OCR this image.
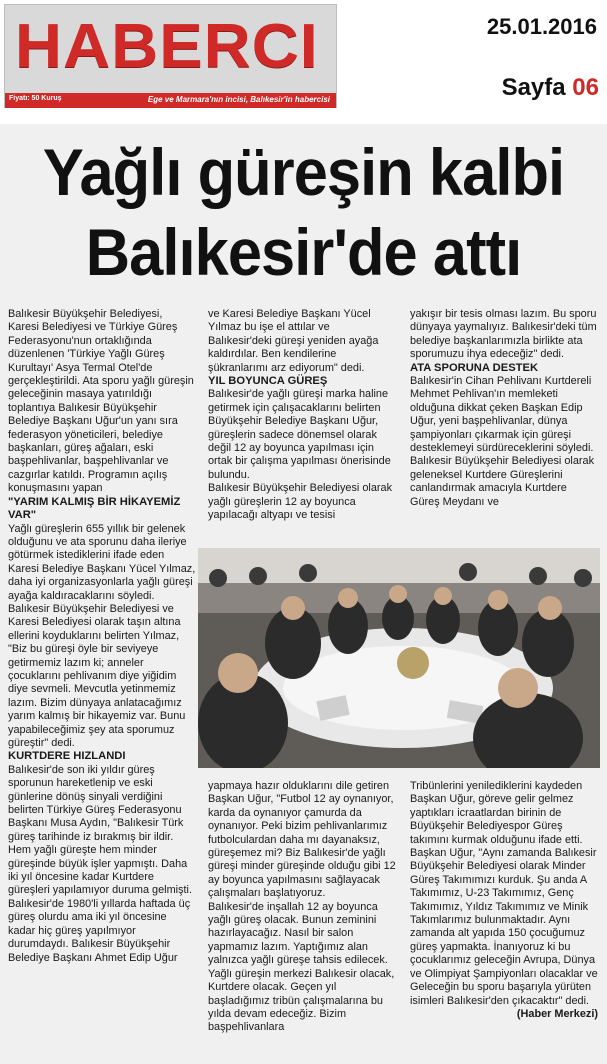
HABERCI
Fiyatı: 50 Kuruş	Ege ve Marmara'nın incisi, Balıkesir'in habercisi
25.01.2016
Sayfa 06
Yağlı güreşin kalbi
Balıkesir'de attı

Balıkesir Büyükşehir Belediyesi, Karesi Belediyesi ve Türkiye Güreş Federasyonu'nun ortaklığında düzenlenen 'Türkiye Yağlı Güreş Kurultayı' Asya Termal Otel'de gerçekleştirildi. Ata sporu yağlı güreşin geleceğinin masaya yatırıldığı toplantıya Balıkesir Büyükşehir Belediye Başkanı Uğur'un yanı sıra federasyon yöneticileri, belediye başkanları, güreş ağaları, eski başpehlivanlar, başpehlivanlar ve cazgırlar katıldı. Programın açılış konuşmasını yapan

"YARIM KALMIŞ BİR HİKAYEMİZ VAR"

Yağlı güreşlerin 655 yıllık bir gelenek olduğunu ve ata sporunu daha ileriye götürmek istediklerini ifade eden Karesi Belediye Başkanı Yücel Yılmaz, daha iyi organizasyonlarla yağlı güreşi ayağa kaldıracaklarını söyledi.

Balıkesir Büyükşehir Belediyesi ve Karesi Belediyesi olarak taşın altına ellerini koyduklarını belirten Yılmaz, "Biz bu güreşi öyle bir seviyeye getirmemiz lazım ki; anneler çocuklarını pehlivanım diye yiğidim diye sevmeli. Mevcutla yetinmemiz lazım. Bizim dünyaya anlatacağımız yarım kalmış bir hikayemiz var. Bunu yapabileceğimiz şey ata sporumuz güreştir" dedi.

KURTDERE HIZLANDI

Balıkesir'de son iki yıldır güreş sporunun hareketlenip ve eski günlerine dönüş sinyali verdiğini belirten Türkiye Güreş Federasyonu Başkanı Musa Aydın, "Balıkesir Türk güreş tarihinde iz bırakmış bir ildir. Hem yağlı güreşte hem minder güreşinde büyük işler yapmıştı. Daha iki yıl öncesine kadar Kurtdere güreşleri yapılamıyor duruma gelmişti. Balıkesir'de 1980'li yıllarda haftada üç güreş olurdu ama iki yıl öncesine kadar hiç güreş yapılmıyor durumdaydı. Balıkesir Büyükşehir Belediye Başkanı Ahmet Edip Uğur

ve Karesi Belediye Başkanı Yücel Yılmaz bu işe el attılar ve Balıkesir'deki güreşi yeniden ayağa kaldırdılar. Ben kendilerine şükranlarımı arz ediyorum" dedi.

YIL BOYUNCA GÜREŞ

Balıkesir'de yağlı güreşi marka haline getirmek için çalışacaklarını belirten Büyükşehir Belediye Başkanı Uğur, güreşlerin sadece dönemsel olarak değil 12 ay boyunca yapılması için ortak bir çalışma yapılması önerisinde bulundu.

Balıkesir Büyükşehir Belediyesi olarak yağlı güreşlerin 12 ay boyunca yapılacağı altyapı ve tesisi

yakışır bir tesis olması lazım. Bu sporu dünyaya yaymalıyız. Balıkesir'deki tüm belediye başkanlarımızla birlikte ata sporumuzu ihya edeceğiz" dedi.

ATA SPORUNA DESTEK

Balıkesir'in Cihan Pehlivanı Kurtdereli Mehmet Pehlivan'ın memleketi olduğuna dikkat çeken Başkan Edip Uğur, yeni başpehlivanlar, dünya şampiyonları çıkarmak için güreşi desteklemeyi sürdüreceklerini söyledi.

Balıkesir Büyükşehir Belediyesi olarak geleneksel Kurtdere Güreşlerini canlandırmak amacıyla Kurtdere Güreş Meydanı ve

yapmaya hazır olduklarını dile getiren Başkan Uğur, "Futbol 12 ay oynanıyor, karda da oynanıyor çamurda da oynanıyor. Peki bizim pehlivanlarımız futbolculardan daha mı dayanaksız, güreşemez mi? Biz Balıkesir'de yağlı güreşi minder güreşinde olduğu gibi 12 ay boyunca yapılmasını sağlayacak çalışmaları başlatıyoruz.

Balıkesir'de inşallah 12 ay boyunca yağlı güreş olacak. Bunun zeminini hazırlayacağız. Nasıl bir salon yapmamız lazım. Yaptığımız alan yalnızca yağlı güreşe tahsis edilecek. Yağlı güreşin merkezi Balıkesir olacak, Kurtdere olacak. Geçen yıl başladığımız tribün çalışmalarına bu yılda devam edeceğiz. Bizim başpehlivanlara

Tribünlerini yenilediklerini kaydeden Başkan Uğur, göreve gelir gelmez yaptıkları icraatlardan birinin de Büyükşehir Belediyespor Güreş takımını kurmak olduğunu ifade etti.

Başkan Uğur, "Aynı zamanda Balıkesir Büyükşehir Belediyesi olarak Minder Güreş Takımımızı kurduk. Şu anda A Takımımız, U-23 Takımımız, Genç Takımımız, Yıldız Takımımız ve Minik Takımlarımız bulunmaktadır. Aynı zamanda alt yapıda 150 çocuğumuz güreş yapmakta. İnanıyoruz ki bu çocuklarımız geleceğin Avrupa, Dünya ve Olimpiyat Şampiyonları olacaklar ve Geleceğin bu sporu başarıyla yürüten isimleri Balıkesir'den çıkacaktır" dedi.

(Haber Merkezi)
